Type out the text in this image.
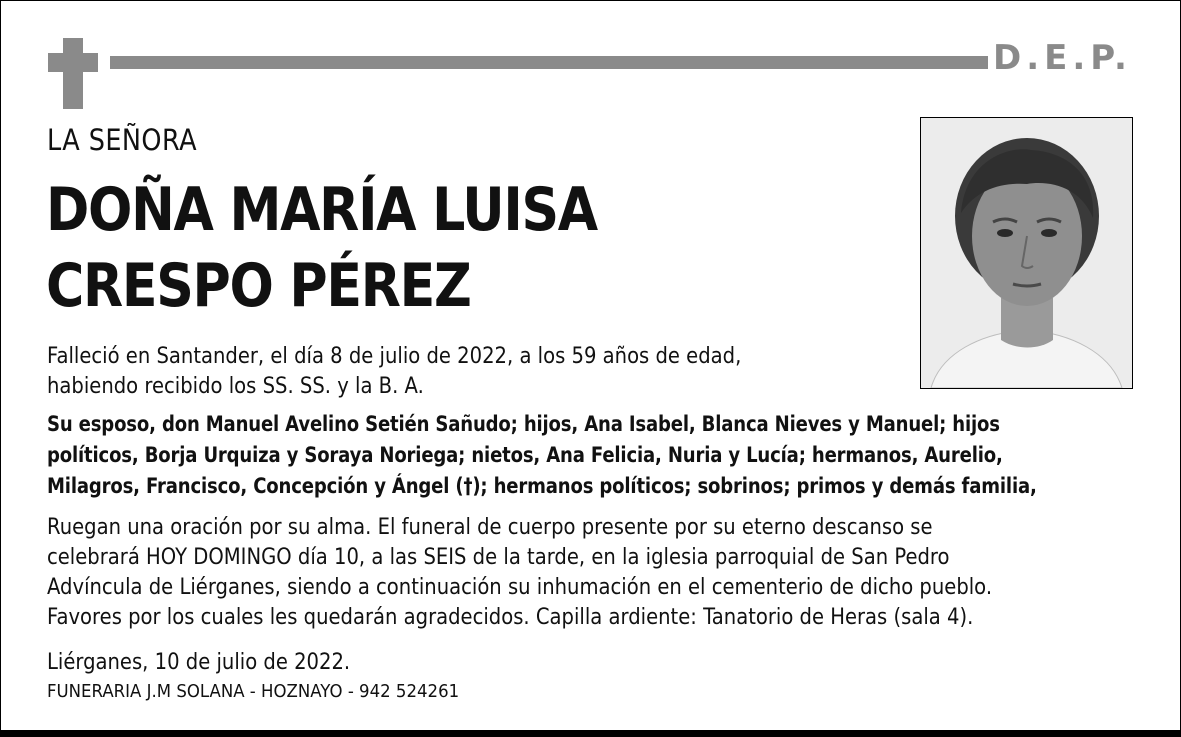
D.E.P.
LA SEÑORA
DOÑA MARÍA LUISA
CRESPO PÉREZ
Falleció en Santander, el día 8 de julio de 2022, a los 59 años de edad,
habiendo recibido los SS. SS. y la B. A.
Su esposo, don Manuel Avelino Setién Sañudo; hijos, Ana Isabel, Blanca Nieves y Manuel; hijos
políticos, Borja Urquiza y Soraya Noriega; nietos, Ana Felicia, Nuria y Lucía; hermanos, Aurelio,
Milagros, Francisco, Concepción y Ángel (†); hermanos políticos; sobrinos; primos y demás familia,
Ruegan una oración por su alma. El funeral de cuerpo presente por su eterno descanso se
celebrará HOY DOMINGO día 10, a las SEIS de la tarde, en la iglesia parroquial de San Pedro
Advíncula de Liérganes, siendo a continuación su inhumación en el cementerio de dicho pueblo.
Favores por los cuales les quedarán agradecidos. Capilla ardiente: Tanatorio de Heras (sala 4).
Liérganes, 10 de julio de 2022.
FUNERARIA J.M SOLANA - HOZNAYO - 942 524261
